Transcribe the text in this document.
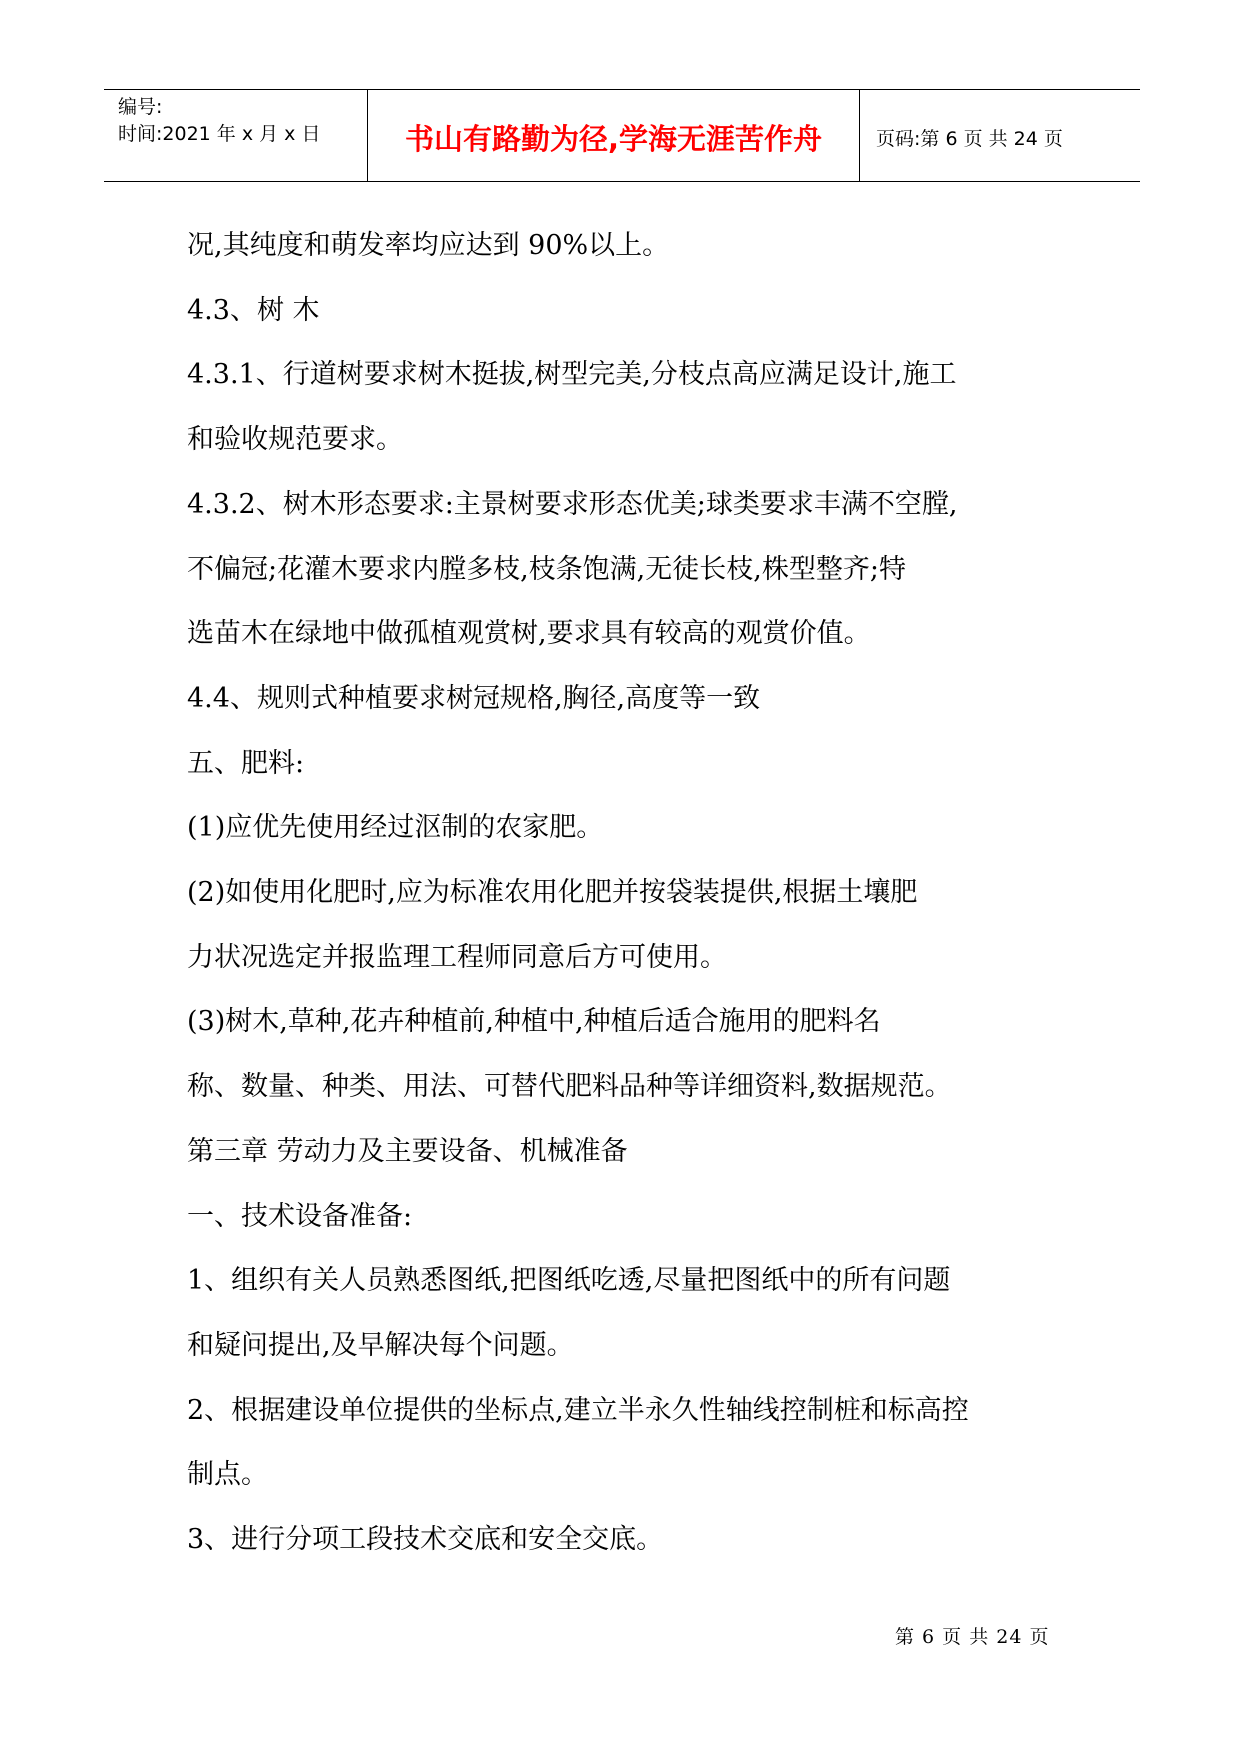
编号:
时间:2021 年 x 月 x 日	书山有路勤为径,学海无涯苦作舟	页码:第 6 页 共 24 页

况,其纯度和萌发率均应达到 90%以上。

4.3、树 木

4.3.1、行道树要求树木挺拔,树型完美,分枝点高应满足设计,施工

和验收规范要求。

4.3.2、树木形态要求:主景树要求形态优美;球类要求丰满不空膛,

不偏冠;花灌木要求内膛多枝,枝条饱满,无徒长枝,株型整齐;特

选苗木在绿地中做孤植观赏树,要求具有较高的观赏价值。

4.4、规则式种植要求树冠规格,胸径,高度等一致

五、肥料:

(1)应优先使用经过沤制的农家肥。

(2)如使用化肥时,应为标准农用化肥并按袋装提供,根据土壤肥

力状况选定并报监理工程师同意后方可使用。

(3)树木,草种,花卉种植前,种植中,种植后适合施用的肥料名

称、数量、种类、用法、可替代肥料品种等详细资料,数据规范。

第三章 劳动力及主要设备、机械准备

一、技术设备准备:

1、组织有关人员熟悉图纸,把图纸吃透,尽量把图纸中的所有问题

和疑问提出,及早解决每个问题。

2、根据建设单位提供的坐标点,建立半永久性轴线控制桩和标高控

制点。

3、进行分项工段技术交底和安全交底。

第 6 页 共 24 页
